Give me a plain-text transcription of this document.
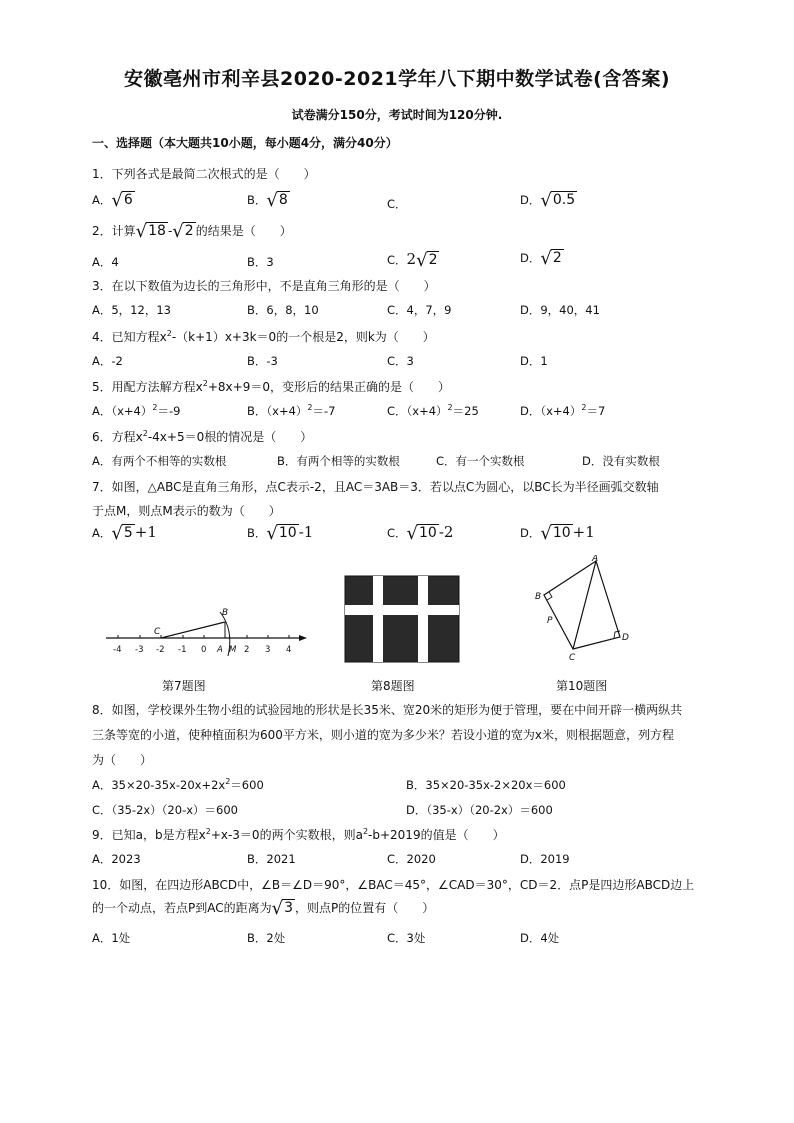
安徽亳州市利辛县2020-2021学年八下期中数学试卷(含答案)
试卷满分150分，考试时间为120分钟.
一、选择题（本大题共10小题，每小题4分，满分40分）
1．下列各式是最简二次根式的是（　　）
A．√6	B．√8	C．	D．√0.5
2．计算√18 -√2 的结果是（　　）
A．4	B．3	C．2√2	D．√2
3．在以下数值为边长的三角形中，不是直角三角形的是（　　）
A．5，12，13	B．6，8，10	C．4，7，9	D．9，40，41
4．已知方程$x^2-(k+1)x+3k=0$的一个根是2，则k为（　　）
A．-2	B．-3	C．3	D．1
5．用配方法解方程$x^2+8x+9=0$，变形后的结果正确的是（　　）
A．$(x+4)^2=-9$	B．$(x+4)^2=-7$	C．$(x+4)^2=25$	D．$(x+4)^2=7$
6．方程$x^2-4x+5=0$根的情况是（　　）
A．有两个不相等的实数根	B．有两个相等的实数根	C．有一个实数根	D．没有实数根
7．如图，△ABC是直角三角形，点C表示-2，且AC＝3AB＝3．若以点C为圆心，以BC长为半径画弧交数轴
于点M，则点M表示的数为（　　）
A．√5 +1	B．√10 -1	C．√10 -2	D．√10 +1
B
C
-4 -3 -2 -1 0 A M 2 3 4
第7题图	第8题图
A
B
P
C
D
第10题图
8．如图，学校课外生物小组的试验园地的形状是长35米、宽20米的矩形为便于管理，要在中间开辟一横两纵共
三条等宽的小道，使种植面积为600平方米，则小道的宽为多少米？若设小道的宽为x米，则根据题意，列方程
为（　　）
A．$35\times 20-35x-20x+2x^2=600$	B．35×20-35x-2×20x＝600
C．（35-2x）（20-x）＝600	D．（35-x）（20-2x）＝600
9．已知a，b是方程$x^2+x-3=0$的两个实数根，则$a^2-b+2019$的值是（　　）
A．2023	B．2021	C．2020	D．2019
10．如图，在四边形ABCD中，∠B＝∠D＝90°，∠BAC＝45°，∠CAD＝30°，CD＝2．点P是四边形ABCD边上
的一个动点，若点P到AC的距离为√3 ，则点P的位置有（　　）
A．1处	B．2处	C．3处	D．4处
